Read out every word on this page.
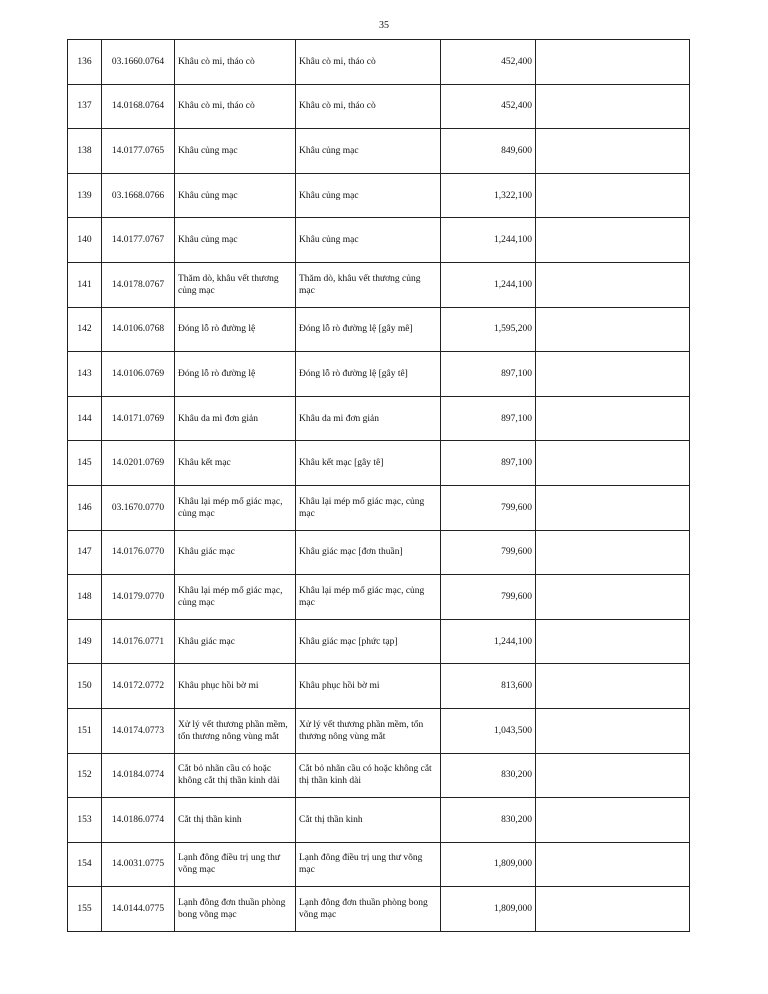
35
136	03.1660.0764	Khâu cò mi, tháo cò	Khâu cò mi, tháo cò	452,400	
137	14.0168.0764	Khâu cò mi, tháo cò	Khâu cò mi, tháo cò	452,400	
138	14.0177.0765	Khâu củng mạc	Khâu củng mạc	849,600	
139	03.1668.0766	Khâu củng mạc	Khâu củng mạc	1,322,100	
140	14.0177.0767	Khâu củng mạc	Khâu củng mạc	1,244,100	
141	14.0178.0767	Thăm dò, khâu vết thương củng mạc	Thăm dò, khâu vết thương củng mạc	1,244,100	
142	14.0106.0768	Đóng lỗ rò đường lệ	Đóng lỗ rò đường lệ [gây mê]	1,595,200	
143	14.0106.0769	Đóng lỗ rò đường lệ	Đóng lỗ rò đường lệ [gây tê]	897,100	
144	14.0171.0769	Khâu da mi đơn giản	Khâu da mi đơn giản	897,100	
145	14.0201.0769	Khâu kết mạc	Khâu kết mạc [gây tê]	897,100	
146	03.1670.0770	Khâu lại mép mổ giác mạc, củng mạc	Khâu lại mép mổ giác mạc, củng mạc	799,600	
147	14.0176.0770	Khâu giác mạc	Khâu giác mạc [đơn thuần]	799,600	
148	14.0179.0770	Khâu lại mép mổ giác mạc, củng mạc	Khâu lại mép mổ giác mạc, củng mạc	799,600	
149	14.0176.0771	Khâu giác mạc	Khâu giác mạc [phức tạp]	1,244,100	
150	14.0172.0772	Khâu phục hồi bờ mi	Khâu phục hồi bờ mi	813,600	
151	14.0174.0773	Xử lý vết thương phần mềm, tổn thương nông vùng mắt	Xử lý vết thương phần mềm, tổn thương nông vùng mắt	1,043,500	
152	14.0184.0774	Cắt bỏ nhãn cầu có hoặc không cắt thị thần kinh dài	Cắt bỏ nhãn cầu có hoặc không cắt thị thần kinh dài	830,200	
153	14.0186.0774	Cắt thị thần kinh	Cắt thị thần kinh	830,200	
154	14.0031.0775	Lạnh đông điều trị ung thư võng mạc	Lạnh đông điều trị ung thư võng mạc	1,809,000	
155	14.0144.0775	Lạnh đông đơn thuần phòng bong võng mạc	Lạnh đông đơn thuần phòng bong võng mạc	1,809,000	
